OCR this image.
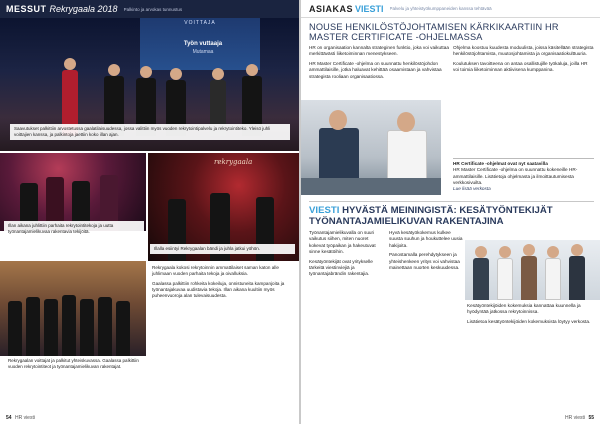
MESSUT Rekrygaala 2018 Palkinto ja arvokas tunnustus
VOITTAJA
Työn vuttaaja
Mutamaa
Saavutukset palkittiin arvostetussa gaalatilaisuudessa, jossa valittiin myös vuoden rekrytointipalvelu ja rekrytointiteko. Yleisö juhli voittajien kanssa, ja palkintoja jaettiin koko illan ajan.
Illan aikana juhlittiin parhaita rekrytointitekoja ja uutta työnantajamielikuvaa rakentavia tekijöitä.
rekrygaala
Illalla esiintyi Rekrygaalan bändi ja juhla jatkui yöhön.
Rekrygaalan voittajat ja palkitut yhteiskuvassa. Gaalassa palkittiin vuoden rekrytointiteot ja työnantajamielikuvan rakentajat.

Rekrygaala kokosi rekrytoinnin ammattilaiset saman katon alle juhlimaan vuoden parhaita tekoja ja oivalluksia.

Gaalassa palkittiin rohkeita kokeiluja, onnistuneita kampanjoita ja työnantajakuvaa uudistavia tekoja. Illan aikana kuultiin myös puheenvuoroja alan tulevaisuudesta.

54 HR viesti
ASIAKAS VIESTI Palvelu ja yhteistyökumppaneiden kanssa tehtävää
NOUSE HENKILÖSTÖJOHTAMISEN KÄRKIKAARTIIN HR MASTER CERTIFICATE -OHJELMASSA

HR on organisaation kannalta strateginen funktio, joka voi vaikuttaa merkittävästi liiketoiminnan menestykseen.

HR Master Certificate -ohjelma on suunnattu henkilöstöjohdon ammattilaisille, jotka haluavat kehittää osaamistaan ja vahvistaa strategista rooliaan organisaatiossa.

Ohjelma koostuu kuudesta moduulista, joissa käsitellään strategista henkilöstöjohtamista, muutosjohtamista ja organisaatiokulttuuria.

Koulutuksen tavoitteena on antaa osallistujille työkaluja, joilla HR voi toimia liiketoiminnan aktiivisena kumppanina.

HR Certificate -ohjelmat ovat nyt saatavilla
HR Master Certificate -ohjelma on suunnattu kokeneille HR-ammattilaisille. Lisätietoja ohjelmasta ja ilmoittautumisesta verkkosivuilta.
Lue lisää verkosta
VIESTI HYVÄSTÄ MEININGISTÄ: KESÄTYÖNTEKIJÄT TYÖNANTAJAMIELIKUVAN RAKENTAJINA

Työnantajamielikuvalla on suuri vaikutus siihen, miten nuoret kokevat työpaikan ja hakeutuvat sinne kesätöihin.

Kesätyöntekijät ovat yritykselle tärkeitä viestinviejiä ja työnantajabrändin rakentajia.

Hyvä kesätyökokemus kulkee suusta suuhun ja houkuttelee uusia hakijoita.

Panostamalla perehdytykseen ja yhteishenkeen yritys voi vahvistaa mainettaan nuorten keskuudessa.

Kesätyöntekijöiden kokemuksia kannattaa kuunnella ja hyödyntää jatkossa rekrytoinnissa.

Lisätietoa kesätyöntekijöiden kokemuksista löytyy verkosta.

HR viesti 55
